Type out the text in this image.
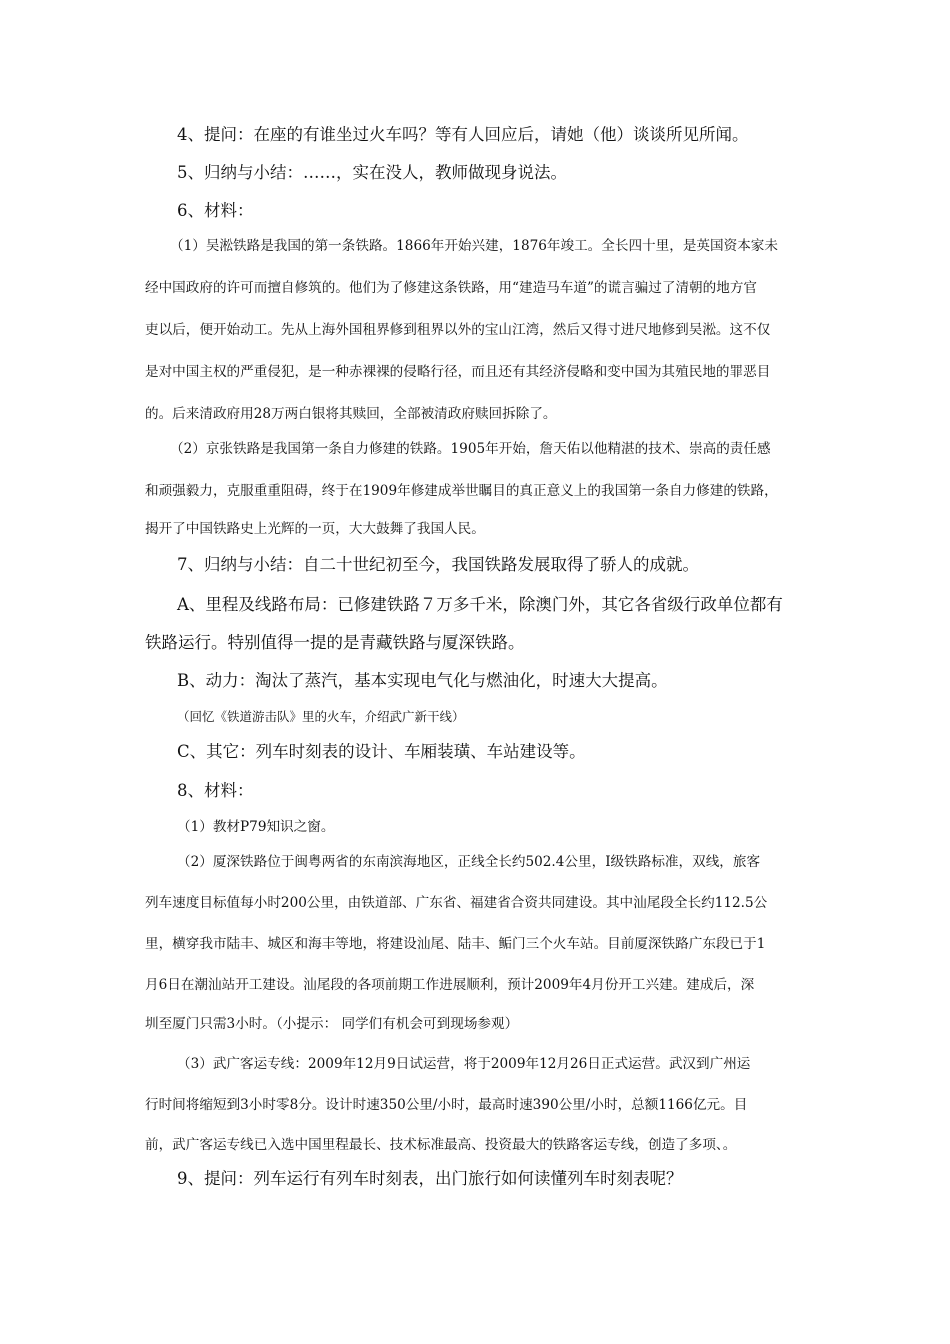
4、提问：在座的有谁坐过火车吗？等有人回应后，请她（他）谈谈所见所闻。
5、归纳与小结：……，实在没人，教师做现身说法。
6、材料：
（1）吴淞铁路是我国的第一条铁路。1866年开始兴建，1876年竣工。全长四十里，是英国资本家未
经中国政府的许可而擅自修筑的。他们为了修建这条铁路，用“建造马车道”的谎言骗过了清朝的地方官
吏以后，便开始动工。先从上海外国租界修到租界以外的宝山江湾，然后又得寸进尺地修到吴淞。这不仅
是对中国主权的严重侵犯，是一种赤裸裸的侵略行径，而且还有其经济侵略和变中国为其殖民地的罪恶目
的。后来清政府用28万两白银将其赎回，全部被清政府赎回拆除了。
（2）京张铁路是我国第一条自力修建的铁路。1905年开始，詹天佑以他精湛的技术、崇高的责任感
和顽强毅力，克服重重阻碍，终于在1909年修建成举世瞩目的真正意义上的我国第一条自力修建的铁路，
揭开了中国铁路史上光辉的一页，大大鼓舞了我国人民。
7、归纳与小结：自二十世纪初至今，我国铁路发展取得了骄人的成就。
A、里程及线路布局：已修建铁路７万多千米，除澳门外，其它各省级行政单位都有
铁路运行。特别值得一提的是青藏铁路与厦深铁路。
B、动力：淘汰了蒸汽，基本实现电气化与燃油化，时速大大提高。
（回忆《铁道游击队》里的火车，介绍武广新干线）
C、其它：列车时刻表的设计、车厢装璜、车站建设等。
8、材料：
（1）教材P79知识之窗。
（2）厦深铁路位于闽粤两省的东南滨海地区，正线全长约502.4公里，Ⅰ级铁路标准，双线，旅客
列车速度目标值每小时200公里，由铁道部、广东省、福建省合资共同建设。其中汕尾段全长约112.5公
里，横穿我市陆丰、城区和海丰等地，将建设汕尾、陆丰、鲘门三个火车站。目前厦深铁路广东段已于1
月6日在潮汕站开工建设。汕尾段的各项前期工作进展顺利，预计2009年4月份开工兴建。建成后，深
圳至厦门只需3小时。（小提示： 同学们有机会可到现场参观）
（3）武广客运专线：2009年12月9日试运营，将于2009年12月26日正式运营。武汉到广州运
行时间将缩短到3小时零8分。设计时速350公里/小时，最高时速390公里/小时，总额1166亿元。目
前，武广客运专线已入选中国里程最长、技术标准最高、投资最大的铁路客运专线，创造了多项、。
9、提问：列车运行有列车时刻表，出门旅行如何读懂列车时刻表呢？
